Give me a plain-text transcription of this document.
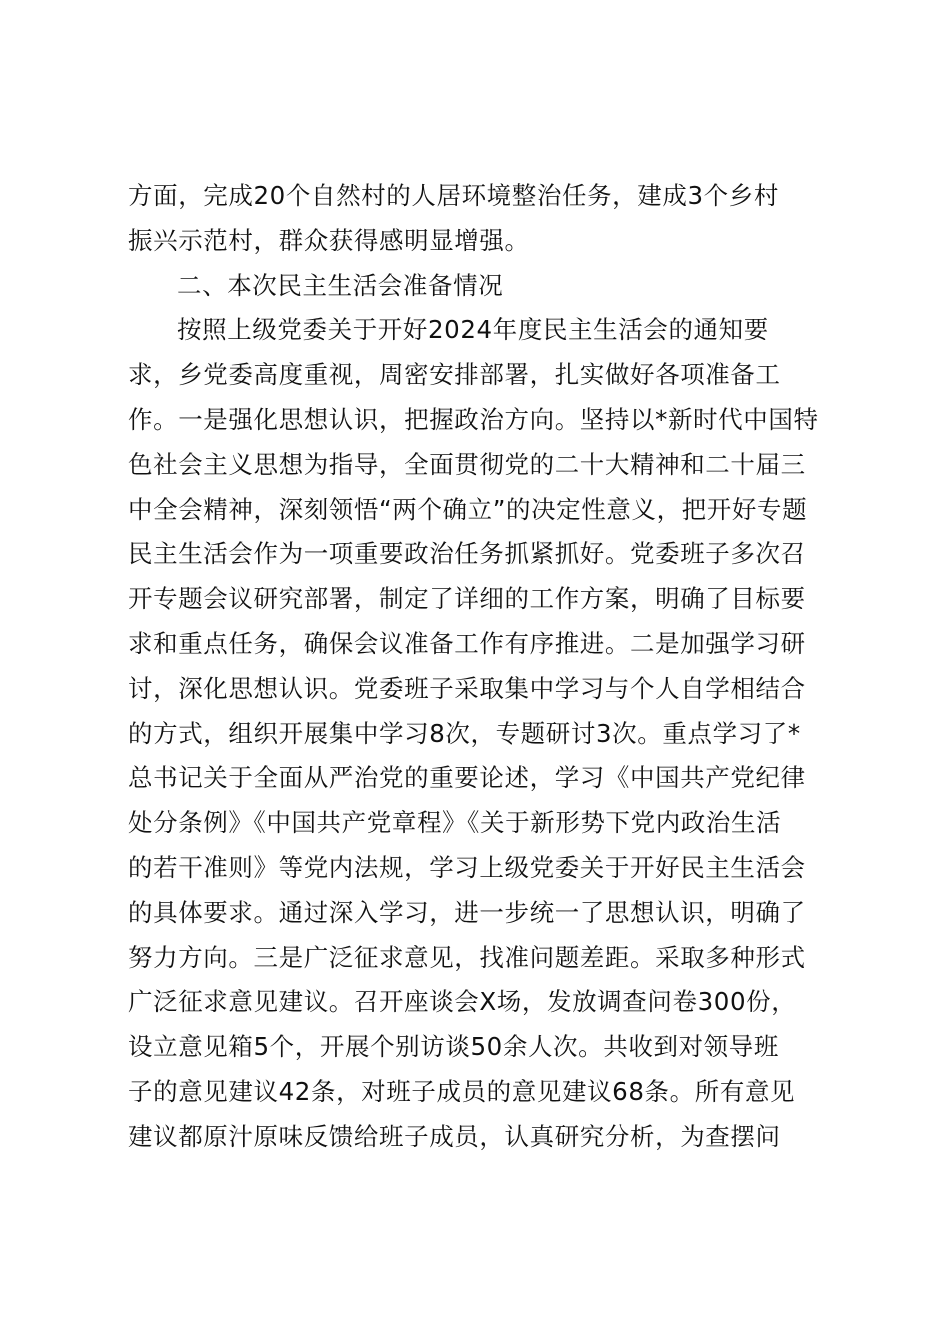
方面，完成20个自然村的人居环境整治任务，建成3个乡村
振兴示范村，群众获得感明显增强。
二、本次民主生活会准备情况
按照上级党委关于开好2024年度民主生活会的通知要
求，乡党委高度重视，周密安排部署，扎实做好各项准备工
作。一是强化思想认识，把握政治方向。坚持以*新时代中国特
色社会主义思想为指导，全面贯彻党的二十大精神和二十届三
中全会精神，深刻领悟“两个确立”的决定性意义，把开好专题
民主生活会作为一项重要政治任务抓紧抓好。党委班子多次召
开专题会议研究部署，制定了详细的工作方案，明确了目标要
求和重点任务，确保会议准备工作有序推进。二是加强学习研
讨，深化思想认识。党委班子采取集中学习与个人自学相结合
的方式，组织开展集中学习8次，专题研讨3次。重点学习了*
总书记关于全面从严治党的重要论述，学习《中国共产党纪律
处分条例》《中国共产党章程》《关于新形势下党内政治生活
的若干准则》等党内法规，学习上级党委关于开好民主生活会
的具体要求。通过深入学习，进一步统一了思想认识，明确了
努力方向。三是广泛征求意见，找准问题差距。采取多种形式
广泛征求意见建议。召开座谈会X场，发放调查问卷300份，
设立意见箱5个，开展个别访谈50余人次。共收到对领导班
子的意见建议42条，对班子成员的意见建议68条。所有意见
建议都原汁原味反馈给班子成员，认真研究分析，为查摆问
